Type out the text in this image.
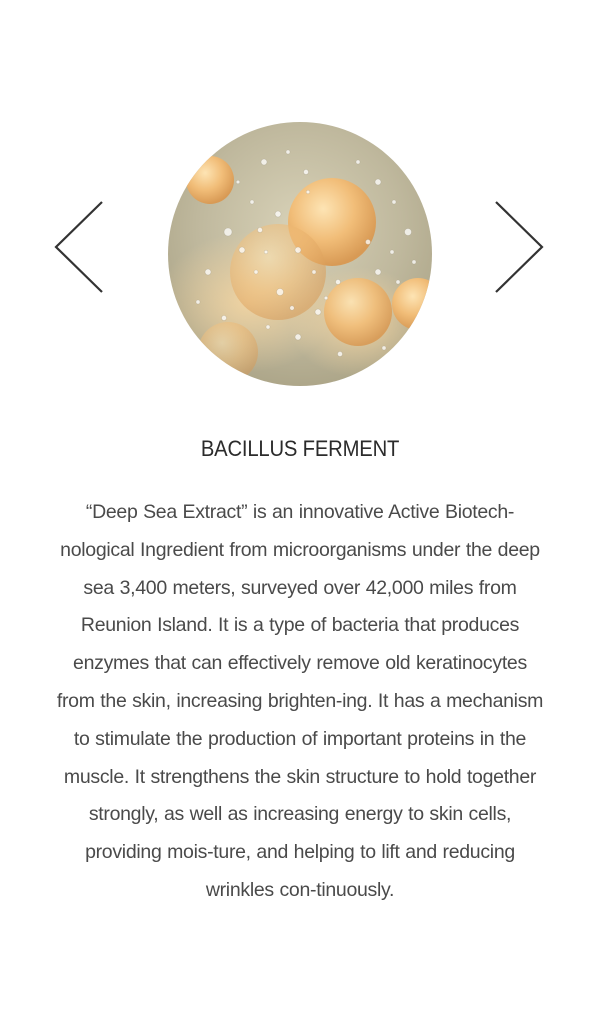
BACILLUS FERMENT

“Deep Sea Extract” is an innovative Active Biotech-nological Ingredient from microorganisms under the deep sea 3,400 meters, surveyed over 42,000 miles from Reunion Island. It is a type of bacteria that produces enzymes that can effectively remove old keratinocytes from the skin, increasing brighten-ing. It has a mechanism to stimulate the production of important proteins in the muscle. It strengthens the skin structure to hold together strongly, as well as increasing energy to skin cells, providing mois-ture, and helping to lift and reducing wrinkles con-tinuously.
